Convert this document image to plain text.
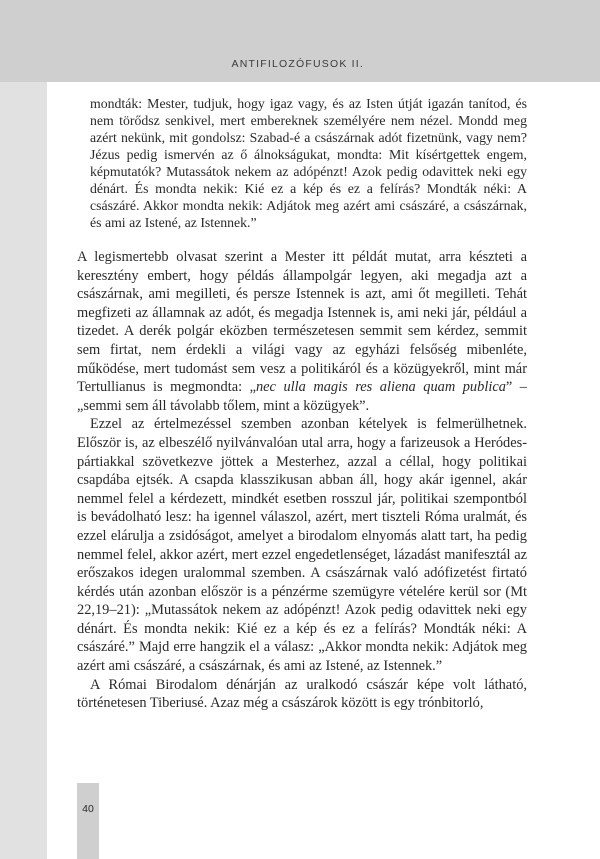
ANTIFILOZÓFUSOK II.

mondták: Mester, tudjuk, hogy igaz vagy, és az Isten útját igazán tanítod, és nem törődsz senkivel, mert embereknek személyére nem nézel. Mondd meg azért nekünk, mit gondolsz: Szabad-é a császárnak adót fizetnünk, vagy nem? Jézus pedig ismervén az ő álnokságukat, mondta: Mit kísértgettek engem, képmutatók? Mutassátok nekem az adópénzt! Azok pedig odavittek neki egy dénárt. És mondta nekik: Kié ez a kép és ez a felírás? Mondták néki: A császáré. Akkor mondta nekik: Adjátok meg azért ami császáré, a császárnak, és ami az Istené, az Istennek.”

A legismertebb olvasat szerint a Mester itt példát mutat, arra készteti a keresztény embert, hogy példás állampolgár legyen, aki megadja azt a császárnak, ami megilleti, és persze Istennek is azt, ami őt megilleti. Tehát megfizeti az államnak az adót, és megadja Istennek is, ami neki jár, például a tizedet. A derék polgár eközben természetesen semmit sem kérdez, semmit sem firtat, nem érdekli a világi vagy az egyházi felsőség mibenléte, működése, mert tudomást sem vesz a politikáról és a közügyekről, mint már Tertullianus is megmondta: „nec ulla magis res aliena quam publica” – „semmi sem áll távolabb tőlem, mint a közügyek”.

Ezzel az értelmezéssel szemben azonban kételyek is felmerülhetnek. Először is, az elbeszélő nyilvánvalóan utal arra, hogy a farizeusok a Heródes-pártiakkal szövetkezve jöttek a Mesterhez, azzal a céllal, hogy politikai csapdába ejtsék. A csapda klasszikusan abban áll, hogy akár igennel, akár nemmel felel a kérdezett, mindkét esetben rosszul jár, politikai szempontból is bevádolható lesz: ha igennel válaszol, azért, mert tiszteli Róma uralmát, és ezzel elárulja a zsidóságot, amelyet a birodalom elnyomás alatt tart, ha pedig nemmel felel, akkor azért, mert ezzel engedetlenséget, lázadást manifesztál az erőszakos idegen uralommal szemben. A császárnak való adófizetést firtató kérdés után azonban először is a pénzérme szemügyre vételére kerül sor (Mt 22,19–21): „Mutassátok nekem az adópénzt! Azok pedig odavittek neki egy dénárt. És mondta nekik: Kié ez a kép és ez a felírás? Mondták néki: A császáré.” Majd erre hangzik el a válasz: „Akkor mondta nekik: Adjátok meg azért ami császáré, a császárnak, és ami az Istené, az Istennek.”

A Római Birodalom dénárján az uralkodó császár képe volt látható, történetesen Tiberiusé. Azaz még a császárok között is egy trónbitorló,

40
